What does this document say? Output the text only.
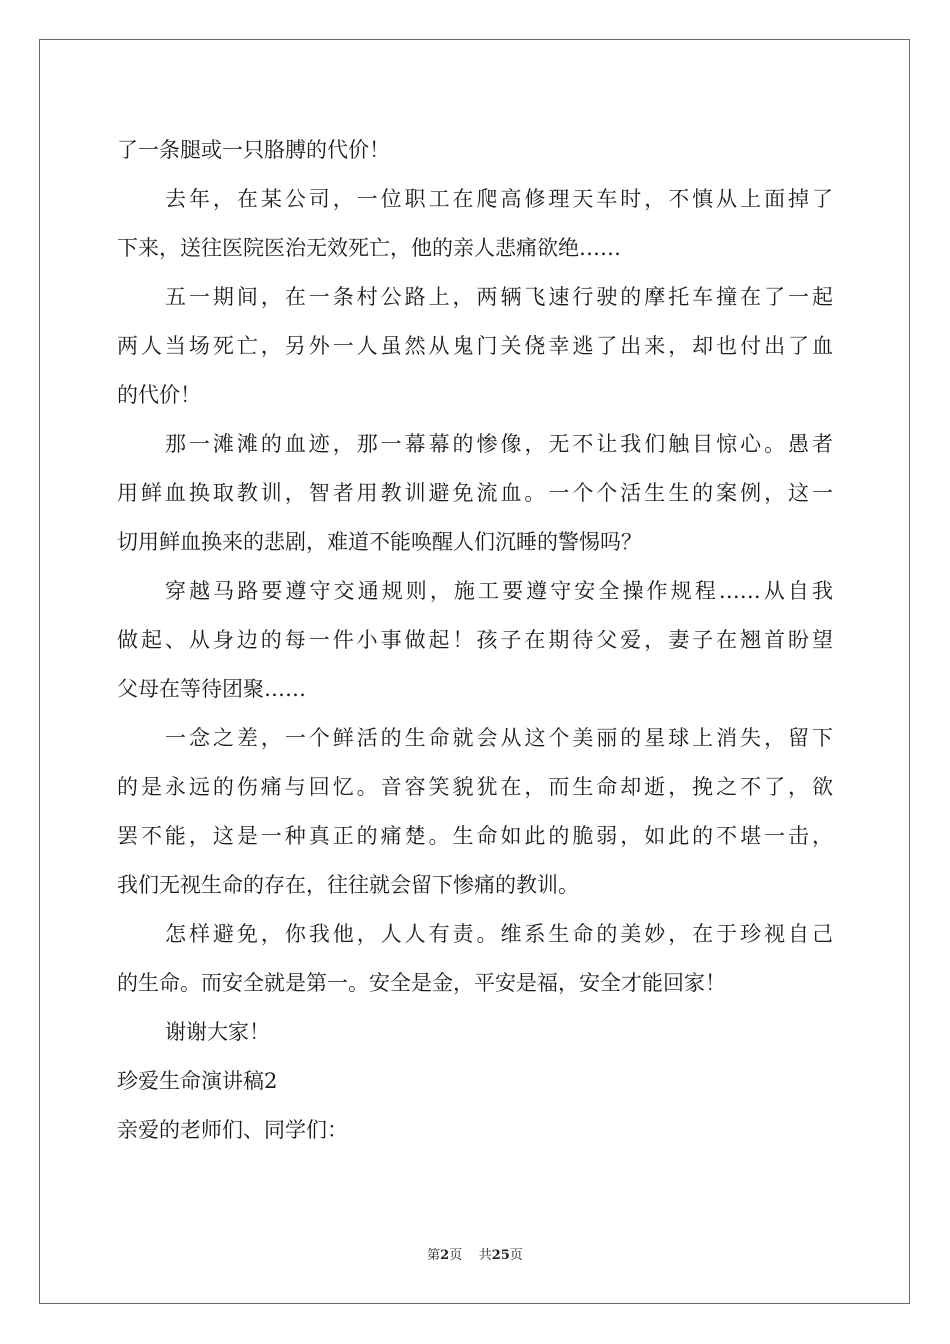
了一条腿或一只胳膊的代价！
去年，在某公司，一位职工在爬高修理天车时，不慎从上面掉了
下来，送往医院医治无效死亡，他的亲人悲痛欲绝……
五一期间，在一条村公路上，两辆飞速行驶的摩托车撞在了一起
两人当场死亡，另外一人虽然从鬼门关侥幸逃了出来，却也付出了血
的代价！
那一滩滩的血迹，那一幕幕的惨像，无不让我们触目惊心。愚者
用鲜血换取教训，智者用教训避免流血。一个个活生生的案例，这一
切用鲜血换来的悲剧，难道不能唤醒人们沉睡的警惕吗？
穿越马路要遵守交通规则，施工要遵守安全操作规程……从自我
做起、从身边的每一件小事做起！孩子在期待父爱，妻子在翘首盼望
父母在等待团聚……
一念之差，一个鲜活的生命就会从这个美丽的星球上消失，留下
的是永远的伤痛与回忆。音容笑貌犹在，而生命却逝，挽之不了，欲
罢不能，这是一种真正的痛楚。生命如此的脆弱，如此的不堪一击，
我们无视生命的存在，往往就会留下惨痛的教训。
怎样避免，你我他，人人有责。维系生命的美妙，在于珍视自己
的生命。而安全就是第一。安全是金，平安是福，安全才能回家！
谢谢大家！
珍爱生命演讲稿2
亲爱的老师们、同学们：
第2页 共25页
